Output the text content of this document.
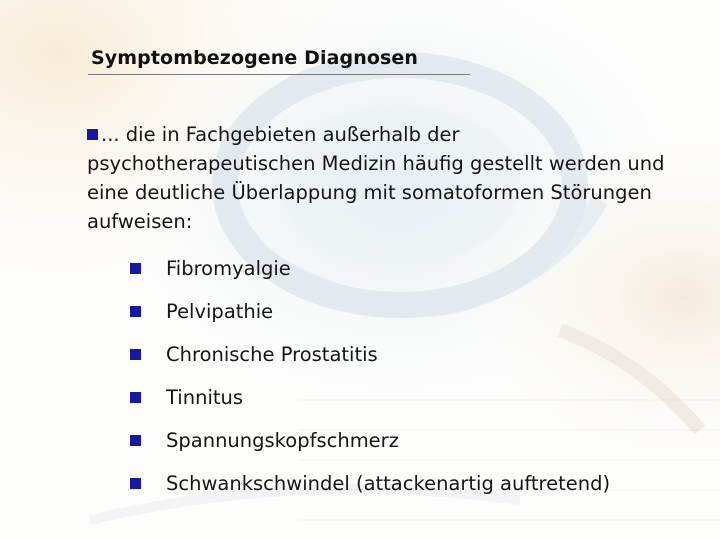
Symptombezogene Diagnosen
... die in Fachgebieten außerhalb der psychotherapeutischen Medizin häufig gestellt werden und eine deutliche Überlappung mit somatoformen Störungen aufweisen:
Fibromyalgie
Pelvipathie
Chronische Prostatitis
Tinnitus
Spannungskopfschmerz
Schwankschwindel (attackenartig auftretend)
